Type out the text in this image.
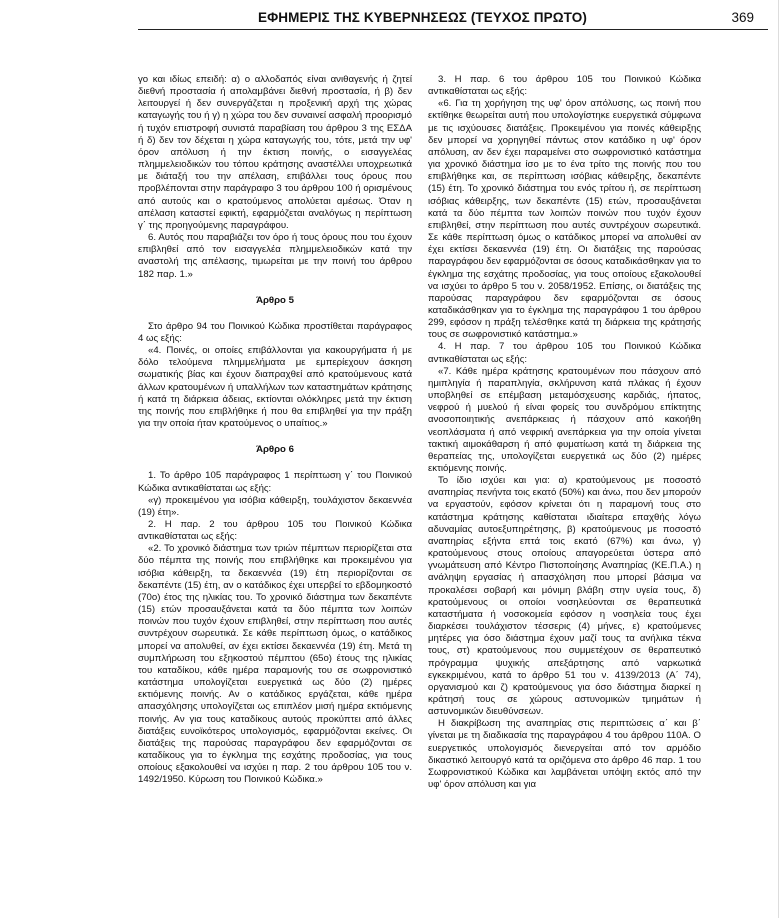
ΕΦΗΜΕΡΙΣ ΤΗΣ ΚΥΒΕΡΝΗΣΕΩΣ (ΤΕΥΧΟΣ ΠΡΩΤΟ)	369

γο και ιδίως επειδή: α) ο αλλοδαπός είναι ανιθαγενής ή ζητεί διεθνή προστασία ή απολαμβάνει διεθνή προστασία, ή β) δεν λειτουργεί ή δεν συνεργάζεται η προξενική αρχή της χώρας καταγωγής του ή γ) η χώρα του δεν συναινεί ασφαλή προορισμό ή τυχόν επιστροφή συνιστά παραβίαση του άρθρου 3 της ΕΣΔΑ ή δ) δεν τον δέχεται η χώρα καταγωγής του, τότε, μετά την υφ' όρον απόλυση ή την έκτιση ποινής, ο εισαγγελέας πλημμελειοδικών του τόπου κράτησης αναστέλλει υποχρεωτικά με διάταξή του την απέλαση, επιβάλλει τους όρους που προβλέπονται στην παράγραφο 3 του άρθρου 100 ή ορισμένους από αυτούς και ο κρατούμενος απολύεται αμέσως. Όταν η απέλαση καταστεί εφικτή, εφαρμόζεται αναλόγως η περίπτωση γ΄ της προηγούμενης παραγράφου.

6. Αυτός που παραβιάζει τον όρο ή τους όρους που του έχουν επιβληθεί από τον εισαγγελέα πλημμελειοδικών κατά την αναστολή της απέλασης, τιμωρείται με την ποινή του άρθρου 182 παρ. 1.»

Άρθρο 5

Στο άρθρο 94 του Ποινικού Κώδικα προστίθεται παράγραφος 4 ως εξής:

«4. Ποινές, οι οποίες επιβάλλονται για κακουργήματα ή με δόλο τελούμενα πλημμελήματα με εμπερίεχουν άσκηση σωματικής βίας και έχουν διαπραχθεί από κρατούμενους κατά άλλων κρατουμένων ή υπαλλήλων των καταστημάτων κράτησης ή κατά τη διάρκεια άδειας, εκτίονται ολόκληρες μετά την έκτιση της ποινής που επιβλήθηκε ή που θα επιβληθεί για την πράξη για την οποία ήταν κρατούμενος ο υπαίτιος.»

Άρθρο 6

1. Το άρθρο 105 παράγραφος 1 περίπτωση γ΄ του Ποινικού Κώδικα αντικαθίσταται ως εξής:

«γ) προκειμένου για ισόβια κάθειρξη, τουλάχιστον δεκαεννέα (19) έτη».

2. Η παρ. 2 του άρθρου 105 του Ποινικού Κώδικα αντικαθίσταται ως εξής:

«2. Το χρονικό διάστημα των τριών πέμπτων περιορίζεται στα δύο πέμπτα της ποινής που επιβλήθηκε και προκειμένου για ισόβια κάθειρξη, τα δεκαεννέα (19) έτη περιορίζονται σε δεκαπέντε (15) έτη, αν ο κατάδικος έχει υπερβεί το εβδομηκοστό (70ο) έτος της ηλικίας του. Το χρονικό διάστημα των δεκαπέντε (15) ετών προσαυξάνεται κατά τα δύο πέμπτα των λοιπών ποινών που τυχόν έχουν επιβληθεί, στην περίπτωση που αυτές συντρέχουν σωρευτικά. Σε κάθε περίπτωση όμως, ο κατάδικος μπορεί να απολυθεί, αν έχει εκτίσει δεκαεννέα (19) έτη. Μετά τη συμπλήρωση του εξηκοστού πέμπτου (65ο) έτους της ηλικίας του καταδίκου, κάθε ημέρα παραμονής του σε σωφρονιστικό κατάστημα υπολογίζεται ευεργετικά ως δύο (2) ημέρες εκτιόμενης ποινής. Αν ο κατάδικος εργάζεται, κάθε ημέρα απασχόλησης υπολογίζεται ως επιπλέον μισή ημέρα εκτιόμενης ποινής. Αν για τους καταδίκους αυτούς προκύπτει από άλλες διατάξεις ευνοϊκότερος υπολογισμός, εφαρμόζονται εκείνες. Οι διατάξεις της παρούσας παραγράφου δεν εφαρμόζονται σε καταδίκους για το έγκλημα της εσχάτης προδοσίας, για τους οποίους εξακολουθεί να ισχύει η παρ. 2 του άρθρου 105 του ν. 1492/1950. Κύρωση του Ποινικού Κώδικα.»

3. Η παρ. 6 του άρθρου 105 του Ποινικού Κώδικα αντικαθίσταται ως εξής:

«6. Για τη χορήγηση της υφ' όρον απόλυσης, ως ποινή που εκτίθηκε θεωρείται αυτή που υπολογίστηκε ευεργετικά σύμφωνα με τις ισχύουσες διατάξεις. Προκειμένου για ποινές κάθειρξης δεν μπορεί να χορηγηθεί πάντως στον κατάδικο η υφ' όρον απόλυση, αν δεν έχει παραμείνει στο σωφρονιστικό κατάστημα για χρονικό διάστημα ίσο με το ένα τρίτο της ποινής που του επιβλήθηκε και, σε περίπτωση ισόβιας κάθειρξης, δεκαπέντε (15) έτη. Το χρονικό διάστημα του ενός τρίτου ή, σε περίπτωση ισόβιας κάθειρξης, των δεκαπέντε (15) ετών, προσαυξάνεται κατά τα δύο πέμπτα των λοιπών ποινών που τυχόν έχουν επιβληθεί, στην περίπτωση που αυτές συντρέχουν σωρευτικά. Σε κάθε περίπτωση όμως ο κατάδικος μπορεί να απολυθεί αν έχει εκτίσει δεκαεννέα (19) έτη. Οι διατάξεις της παρούσας παραγράφου δεν εφαρμόζονται σε όσους καταδικάσθηκαν για το έγκλημα της εσχάτης προδοσίας, για τους οποίους εξακολουθεί να ισχύει το άρθρο 5 του ν. 2058/1952. Επίσης, οι διατάξεις της παρούσας παραγράφου δεν εφαρμόζονται σε όσους καταδικάσθηκαν για το έγκλημα της παραγράφου 1 του άρθρου 299, εφόσον η πράξη τελέσθηκε κατά τη διάρκεια της κράτησής τους σε σωφρονιστικό κατάστημα.»

4. Η παρ. 7 του άρθρου 105 του Ποινικού Κώδικα αντικαθίσταται ως εξής:

«7. Κάθε ημέρα κράτησης κρατουμένων που πάσχουν από ημιπληγία ή παραπληγία, σκλήρυνση κατά πλάκας ή έχουν υποβληθεί σε επέμβαση μεταμόσχευσης καρδιάς, ήπατος, νεφρού ή μυελού ή είναι φορείς του συνδρόμου επίκτητης ανοσοποιητικής ανεπάρκειας ή πάσχουν από κακοήθη νεοπλάσματα ή από νεφρική ανεπάρκεια για την οποία γίνεται τακτική αιμοκάθαρση ή από φυματίωση κατά τη διάρκεια της θεραπείας της, υπολογίζεται ευεργετικά ως δύο (2) ημέρες εκτιόμενης ποινής.

Το ίδιο ισχύει και για: α) κρατούμενους με ποσοστό αναπηρίας πενήντα τοις εκατό (50%) και άνω, που δεν μπορούν να εργαστούν, εφόσον κρίνεται ότι η παραμονή τους στο κατάστημα κράτησης καθίσταται ιδιαίτερα επαχθής λόγω αδυναμίας αυτοεξυπηρέτησης, β) κρατούμενους με ποσοστό αναπηρίας εξήντα επτά τοις εκατό (67%) και άνω, γ) κρατούμενους στους οποίους απαγορεύεται ύστερα από γνωμάτευση από Κέντρο Πιστοποίησης Αναπηρίας (ΚΕ.Π.Α.) η ανάληψη εργασίας ή απασχόληση που μπορεί βάσιμα να προκαλέσει σοβαρή και μόνιμη βλάβη στην υγεία τους, δ) κρατούμενους οι οποίοι νοσηλεύονται σε θεραπευτικά καταστήματα ή νοσοκομεία εφόσον η νοσηλεία τους έχει διαρκέσει τουλάχιστον τέσσερις (4) μήνες, ε) κρατούμενες μητέρες για όσο διάστημα έχουν μαζί τους τα ανήλικα τέκνα τους, στ) κρατούμενους που συμμετέχουν σε θεραπευτικό πρόγραμμα ψυχικής απεξάρτησης από ναρκωτικά εγκεκριμένου, κατά το άρθρο 51 του ν. 4139/2013 (Α΄ 74), οργανισμού και ζ) κρατούμενους για όσο διάστημα διαρκεί η κράτησή τους σε χώρους αστυνομικών τμημάτων ή αστυνομικών διευθύνσεων.

Η διακρίβωση της αναπηρίας στις περιπτώσεις α΄ και β΄ γίνεται με τη διαδικασία της παραγράφου 4 του άρθρου 110Α. Ο ευεργετικός υπολογισμός διενεργείται από τον αρμόδιο δικαστικό λειτουργό κατά τα οριζόμενα στο άρθρο 46 παρ. 1 του Σωφρονιστικού Κώδικα και λαμβάνεται υπόψη εκτός από την υφ' όρον απόλυση και για
